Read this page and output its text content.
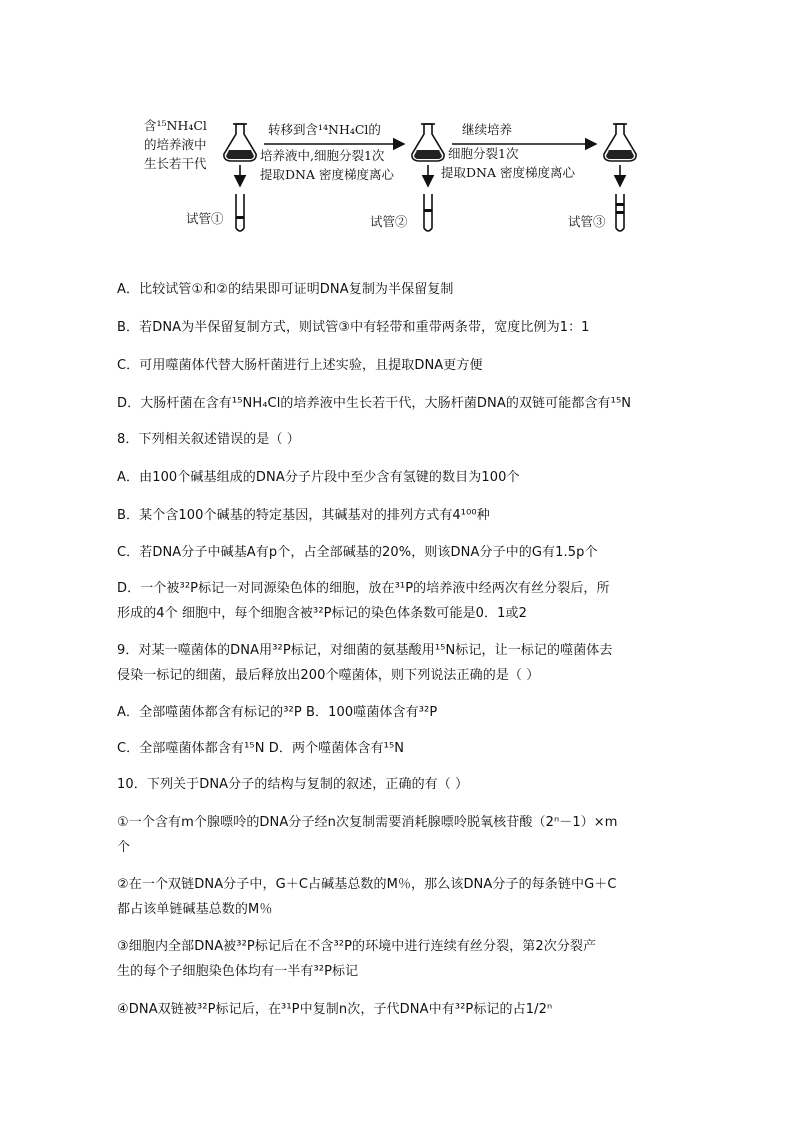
含¹⁵NH₄Cl
的培养液中
生长若干代
转移到含¹⁴NH₄Cl的
培养液中,细胞分裂1次
提取DNA 密度梯度离心
继续培养
细胞分裂1次
提取DNA 密度梯度离心
试管①	试管②	试管③
A．比较试管①和②的结果即可证明DNA复制为半保留复制
B．若DNA为半保留复制方式，则试管③中有轻带和重带两条带，宽度比例为1：1
C．可用噬菌体代替大肠杆菌进行上述实验，且提取DNA更方便
D．大肠杆菌在含有¹⁵NH₄Cl的培养液中生长若干代，大肠杆菌DNA的双链可能都含有¹⁵N
8．下列相关叙述错误的是（ ）
A．由100个碱基组成的DNA分子片段中至少含有氢键的数目为100个
B．某个含100个碱基的特定基因，其碱基对的排列方式有4¹⁰⁰种
C．若DNA分子中碱基A有p个，占全部碱基的20%，则该DNA分子中的G有1.5p个
D．一个被³²P标记一对同源染色体的细胞，放在³¹P的培养液中经两次有丝分裂后，所
形成的4个 细胞中，每个细胞含被³²P标记的染色体条数可能是0．1或2
9．对某一噬菌体的DNA用³²P标记，对细菌的氨基酸用¹⁵N标记，让一标记的噬菌体去
侵染一标记的细菌，最后释放出200个噬菌体，则下列说法正确的是（ ）
A．全部噬菌体都含有标记的³²P B．100噬菌体含有³²P
C．全部噬菌体都含有¹⁵N D．两个噬菌体含有¹⁵N
10．下列关于DNA分子的结构与复制的叙述，正确的有（ ）
①一个含有m个腺嘌呤的DNA分子经n次复制需要消耗腺嘌呤脱氧核苷酸（2ⁿ－1）×m
个
②在一个双链DNA分子中，G＋C占碱基总数的M％，那么该DNA分子的每条链中G＋C
都占该单链碱基总数的M％
③细胞内全部DNA被³²P标记后在不含³²P的环境中进行连续有丝分裂，第2次分裂产
生的每个子细胞染色体均有一半有³²P标记
④DNA双链被³²P标记后，在³¹P中复制n次，子代DNA中有³²P标记的占1/2ⁿ
